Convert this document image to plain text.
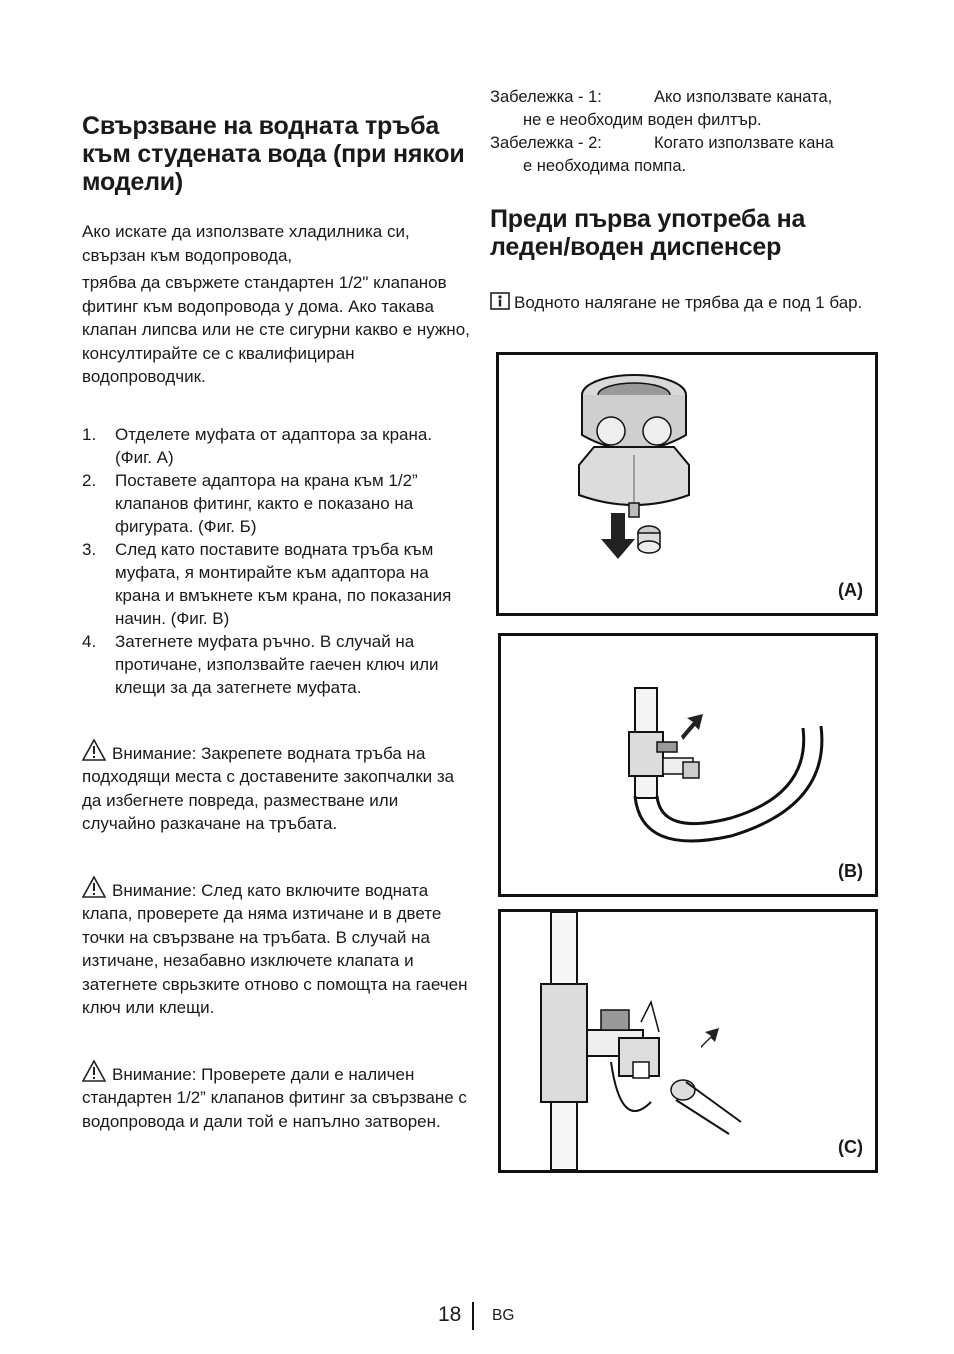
Свързване на водната тръба към студената вода (при някои модели)

Ако искате да използвате хладилника си, свързан към водопровода,

трябва да свържете стандартен 1/2" клапанов фитинг към водопровода у дома. Ако такава клапан липсва или не сте сигурни какво е нужно, консултирайте се с квалифициран водопроводчик.

1. Отделете муфата от адаптора за крана. (Фиг. А)
2. Поставете адаптора на крана към 1/2” клапанов фитинг, както е показано на фигурата. (Фиг. Б)
3. След като поставите водната тръба към муфата, я монтирайте към адаптора на крана и вмъкнете към крана, по показания начин. (Фиг. В)
4. Затегнете муфата ръчно. В случай на протичане, използвайте гаечен ключ или клещи за да затегнете муфата.

Внимание: Закрепете водната тръба на подходящи места с доставените закопчалки за да избегнете повреда, разместване или случайно разкачане на тръбата.

Внимание: След като включите водната клапа, проверете да няма изтичане и в двете точки на свързване на тръбата. В случай на изтичане, незабавно изключете клапата и затегнете сврьзките отново с помощта на гаечен ключ или клещи.

Внимание: Проверете дали е наличен стандартен 1/2” клапанов фитинг за свързване с водопровода и дали той е напълно затворен.

Забележка - 1:	Ако използвате каната,
не е необходим воден филтър.
Забележка - 2:	Когато използвате кана
е необходима помпа.
Преди първа употреба на леден/воден диспенсер

Водното налягане не трябва да е под 1 бар.

(A)
(B)
(C)
18 BG
